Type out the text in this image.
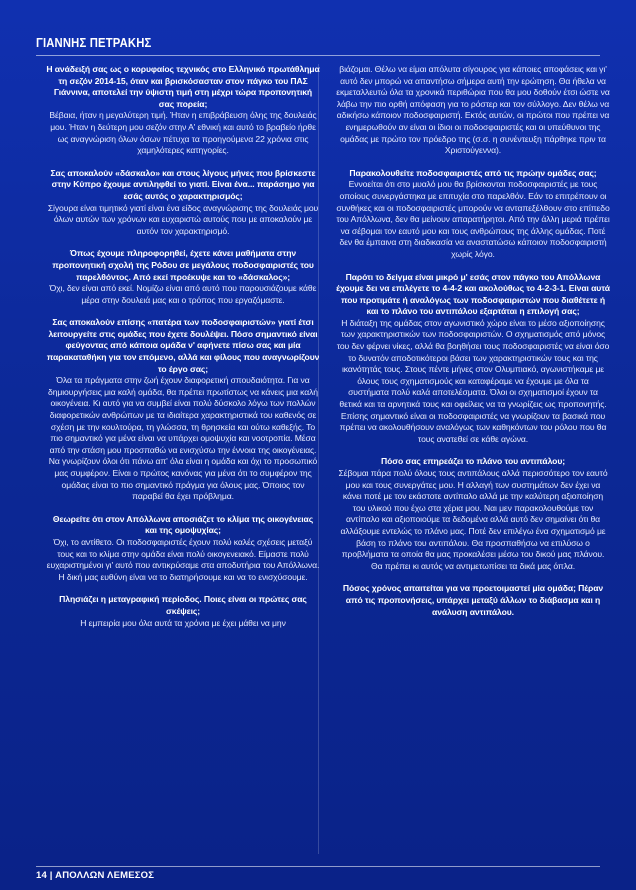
ΓΙΑΝΝΗΣ ΠΕΤΡΑΚΗΣ

Η ανάδειξή σας ως ο κορυφαίος τεχνικός στο Ελληνικό πρωτάθλημα τη σεζόν 2014-15, όταν και βρισκόσασταν στον πάγκο του ΠΑΣ Γιάννινα, αποτελεί την ύψιστη τιμή στη μέχρι τώρα προπονητική σας πορεία;

Βέβαια, ήταν η μεγαλύτερη τιμή. Ήταν η επιβράβευση όλης της δουλειάς μου. Ήταν η δεύτερη μου σεζόν στην Α' εθνική και αυτό το βραβείο ήρθε ως αναγνώριση όλων όσων πέτυχα τα προηγούμενα 22 χρόνια στις χαμηλότερες κατηγορίες.

Σας αποκαλούν «δάσκαλο» και στους λίγους μήνες που βρίσκεστε στην Κύπρο έχουμε αντιληφθεί το γιατί. Είναι ένα... παράσημο για εσάς αυτός ο χαρακτηρισμός;

Σίγουρα είναι τιμητικό γιατί είναι ένα είδος αναγνώρισης της δουλειάς μου όλων αυτών των χρόνων και ευχαριστώ αυτούς που με αποκαλούν με αυτόν τον χαρακτηρισμό.

Όπως έχουμε πληροφορηθεί, έχετε κάνει μαθήματα στην προπονητική σχολή της Ρόδου σε μεγάλους ποδοσφαιριστές του παρελθόντος. Από εκεί προέκυψε και το «δάσκαλος»;

Όχι, δεν είναι από εκεί. Νομίζω είναι από αυτό που παρουσιάζουμε κάθε μέρα στην δουλειά μας και ο τρόπος που εργαζόμαστε.

Σας αποκαλούν επίσης «πατέρα των ποδοσφαιριστών» γιατί έτσι λειτουργείτε στις ομάδες που έχετε δουλέψει. Πόσο σημαντικό είναι φεύγοντας από κάποια ομάδα ν' αφήνετε πίσω σας και μία παρακαταθήκη για τον επόμενο, αλλά και φίλους που αναγνωρίζουν το έργο σας;

Όλα τα πράγματα στην ζωή έχουν διαφορετική σπουδαιότητα. Για να δημιουργήσεις μια καλή ομάδα, θα πρέπει πρωτίστως να κάνεις μια καλή οικογένεια. Κι αυτό για να συμβεί είναι πολύ δύσκολο λόγω των πολλών διαφορετικών ανθρώπων με τα ιδιαίτερα χαρακτηριστικά του καθενός σε σχέση με την κουλτούρα, τη γλώσσα, τη θρησκεία και ούτω καθεξής. Το πιο σημαντικό για μένα είναι να υπάρχει ομοψυχία και νοοτροπία. Μέσα από την στάση μου προσπαθώ να ενισχύσω την έννοια της οικογένειας. Να γνωρίζουν όλοι ότι πάνω απ' όλα είναι η ομάδα και όχι το προσωπικό μας συμφέρον. Είναι ο πρώτος κανόνας για μένα ότι το συμφέρον της ομάδας είναι το πιο σημαντικό πράγμα για όλους μας. Όποιος τον παραβεί θα έχει πρόβλημα.

Θεωρείτε ότι στον Απόλλωνα αποσιάζετ το κλίμα της οικογένειας και της ομοψυχίας;

Όχι, το αντίθετο. Οι ποδοσφαιριστές έχουν πολύ καλές σχέσεις μεταξύ τους και το κλίμα στην ομάδα είναι πολύ οικογενειακό. Είμαστε πολύ ευχαριστημένοι γι' αυτό που αντικρύσαμε στα αποδυτήρια του Απόλλωνα. Η δική μας ευθύνη είναι να το διατηρήσουμε και να το ενισχύσουμε.

Πλησιάζει η μεταγραφική περίοδος. Ποιες είναι οι πρώτες σας σκέψεις;

Η εμπειρία μου όλα αυτά τα χρόνια με έχει μάθει να μην

βιάζομαι. Θέλω να είμαι απόλυτα σίγουρος για κάποιες αποφάσεις και γι' αυτό δεν μπορώ να απαντήσω σήμερα αυτή την ερώτηση. Θα ήθελα να εκμεταλλευτώ όλα τα χρονικά περιθώρια που θα μου δοθούν έτσι ώστε να λάβω την πιο ορθή απόφαση για το ρόστερ και τον σύλλογο. Δεν θέλω να αδικήσω κάποιον ποδοσφαιριστή. Εκτός αυτών, οι πρώτοι που πρέπει να ενημερωθούν αν είναι οι ίδιοι οι ποδοσφαιριστές και οι υπεύθυνοι της ομάδας με πρώτο τον πρόεδρο της (σ.σ. η συνέντευξη πάρθηκε πριν τα Χριστούγεννα).

Παρακολουθείτε ποδοσφαιριστές από τις πρώην ομάδες σας;

Εννοείται ότι στο μυαλό μου θα βρίσκονται ποδοσφαιριστές με τους οποίους συνεργάστηκα με επιτυχία στο παρελθόν. Εάν το επιτρέπουν οι συνθήκες και οι ποδοσφαιριστές μπορούν να ανταπεξέλθουν στο επίπεδο του Απόλλωνα, δεν θα μείνουν απαρατήρητοι. Από την άλλη μεριά πρέπει να σέβομαι τον εαυτό μου και τους ανθρώπους της άλλης ομάδας. Ποτέ δεν θα έμπαινα στη διαδικασία να αναστατώσω κάποιον ποδοσφαιριστή χωρίς λόγο.

Παρότι το δείγμα είναι μικρό μ' εσάς στον πάγκο του Απόλλωνα έχουμε δει να επιλέγετε το 4-4-2 και ακολούθως το 4-2-3-1. Είναι αυτά που προτιμάτε ή αναλόγως των ποδοσφαιριστών που διαθέτετε ή και το πλάνο του αντιπάλου εξαρτάται η επιλογή σας;

Η διάταξη της ομάδας στον αγωνιστικό χώρο είναι το μέσο αξιοποίησης των χαρακτηριστικών των ποδοσφαιριστών. Ο σχηματισμός από μόνος του δεν φέρνει νίκες, αλλά θα βοηθήσει τους ποδοσφαιριστές να είναι όσο το δυνατόν αποδοτικότεροι βάσει των χαρακτηριστικών τους και της ικανότητάς τους. Στους πέντε μήνες στον Ολυμπιακό, αγωνιστήκαμε με όλους τους σχηματισμούς και καταφέραμε να έχουμε με όλα τα συστήματα πολύ καλά αποτελέσματα. Όλοι οι σχηματισμοί έχουν τα θετικά και τα αρνητικά τους και οφείλεις να τα γνωρίζεις ως προπονητής. Επίσης σημαντικό είναι οι ποδοσφαιριστές να γνωρίζουν τα βασικά που πρέπει να ακολουθήσουν αναλόγως των καθηκόντων του ρόλου που θα τους ανατεθεί σε κάθε αγώνα.

Πόσο σας επηρεάζει το πλάνο του αντιπάλου;

Σέβομαι πάρα πολύ όλους τους αντιπάλους αλλά περισσότερο τον εαυτό μου και τους συνεργάτες μου. Η αλλαγή των συστημάτων δεν έχει να κάνει ποτέ με τον εκάστοτε αντίπαλο αλλά με την καλύτερη αξιοποίηση του υλικού που έχω στα χέρια μου. Ναι μεν παρακολουθούμε τον αντίπαλο και αξιοποιούμε τα δεδομένα αλλά αυτό δεν σημαίνει ότι θα αλλάξουμε εντελώς το πλάνο μας. Ποτέ δεν επιλέγω ένα σχηματισμό με βάση το πλάνο του αντιπάλου. Θα προσπαθήσω να επιλύσω ο προβλήματα τα οποία θα μας προκαλέσει μέσω του δικού μας πλάνου. Θα πρέπει κι αυτός να αντιμετωπίσει τα δικά μας όπλα.

Πόσος χρόνος απαιτείται για να προετοιμαστεί μία ομάδα; Πέραν από τις προπονήσεις, υπάρχει μεταξύ άλλων το διάβασμα και η ανάλυση αντιπάλου.

14 | ΑΠΟΛΛΩΝ ΛΕΜΕΣΟΣ
